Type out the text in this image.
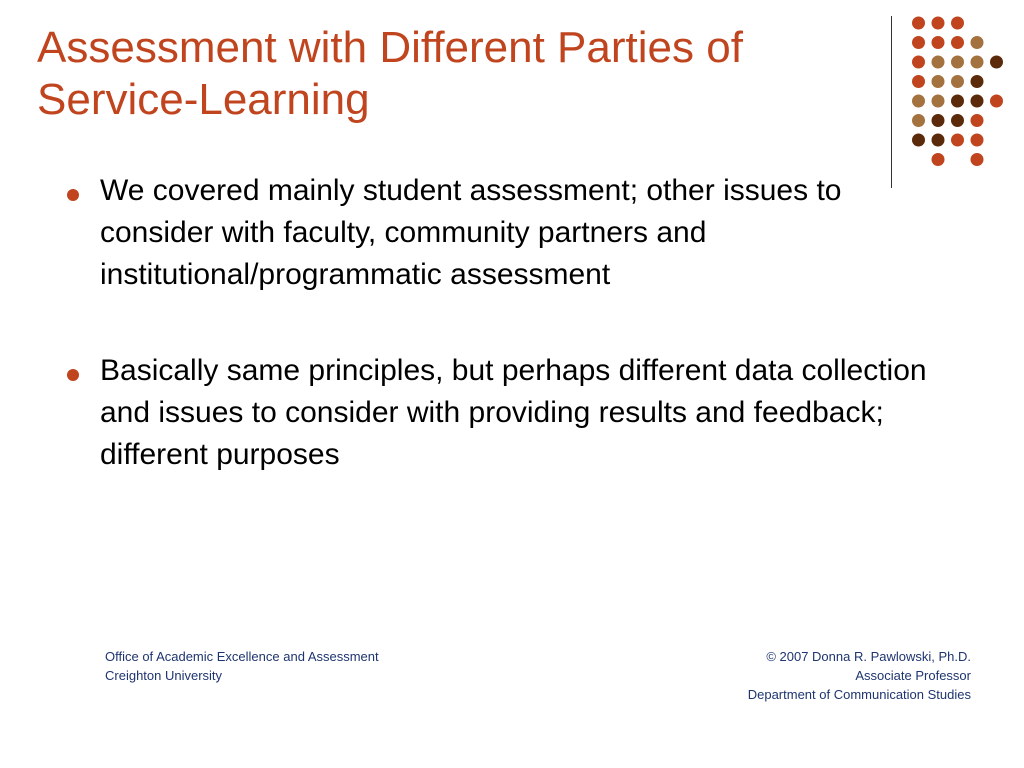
Assessment with Different Parties of
Service-Learning
We covered mainly student assessment; other issues to consider with faculty, community partners and institutional/programmatic assessment
Basically same principles, but perhaps different data collection and issues to consider with providing results and feedback; different purposes
Office of Academic Excellence and Assessment
Creighton University
© 2007 Donna R. Pawlowski, Ph.D.
Associate Professor
Department of Communication Studies
